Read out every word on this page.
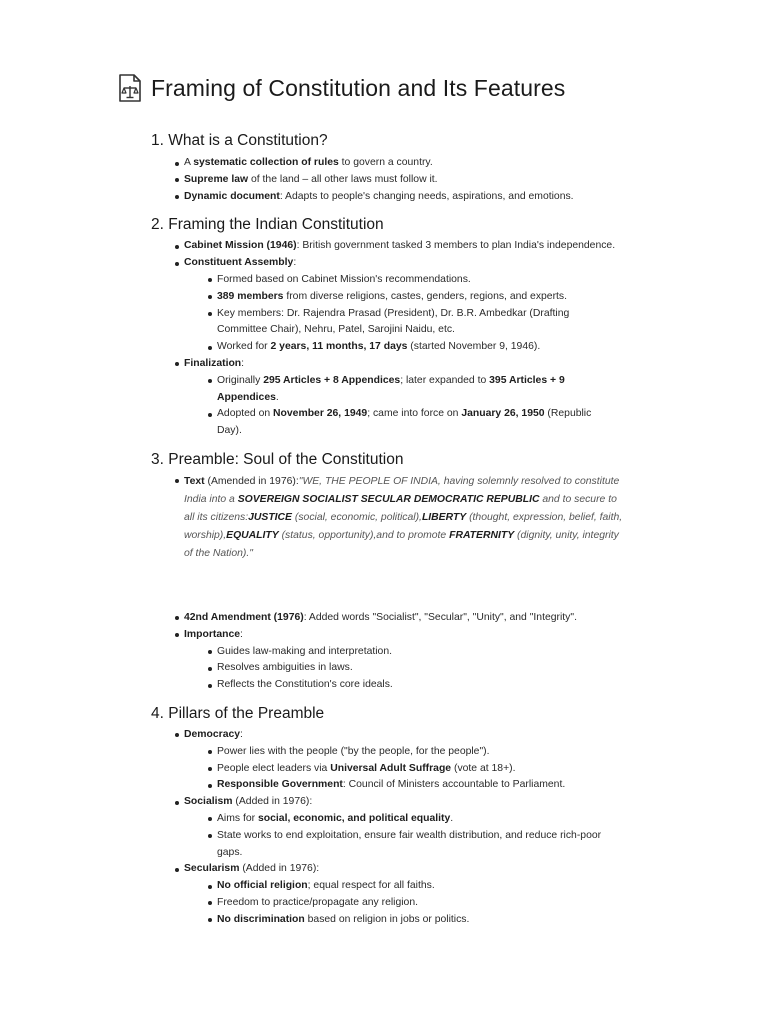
Framing of Constitution and Its Features
1. What is a Constitution?
A systematic collection of rules to govern a country.
Supreme law of the land – all other laws must follow it.
Dynamic document: Adapts to people's changing needs, aspirations, and emotions.
2. Framing the Indian Constitution
Cabinet Mission (1946): British government tasked 3 members to plan India's independence.
Constituent Assembly:
Formed based on Cabinet Mission's recommendations.
389 members from diverse religions, castes, genders, regions, and experts.
Key members: Dr. Rajendra Prasad (President), Dr. B.R. Ambedkar (Drafting Committee Chair), Nehru, Patel, Sarojini Naidu, etc.
Worked for 2 years, 11 months, 17 days (started November 9, 1946).
Finalization:
Originally 295 Articles + 8 Appendices; later expanded to 395 Articles + 9 Appendices.
Adopted on November 26, 1949; came into force on January 26, 1950 (Republic Day).
3. Preamble: Soul of the Constitution
Text (Amended in 1976):"WE, THE PEOPLE OF INDIA, having solemnly resolved to constitute India into a SOVEREIGN SOCIALIST SECULAR DEMOCRATIC REPUBLIC and to secure to all its citizens:JUSTICE (social, economic, political),LIBERTY (thought, expression, belief, faith, worship),EQUALITY (status, opportunity),and to promote FRATERNITY (dignity, unity, integrity of the Nation)."
42nd Amendment (1976): Added words "Socialist", "Secular", "Unity", and "Integrity".
Importance:
Guides law-making and interpretation.
Resolves ambiguities in laws.
Reflects the Constitution's core ideals.
4. Pillars of the Preamble
Democracy:
Power lies with the people ("by the people, for the people").
People elect leaders via Universal Adult Suffrage (vote at 18+).
Responsible Government: Council of Ministers accountable to Parliament.
Socialism (Added in 1976):
Aims for social, economic, and political equality.
State works to end exploitation, ensure fair wealth distribution, and reduce rich-poor gaps.
Secularism (Added in 1976):
No official religion; equal respect for all faiths.
Freedom to practice/propagate any religion.
No discrimination based on religion in jobs or politics.
